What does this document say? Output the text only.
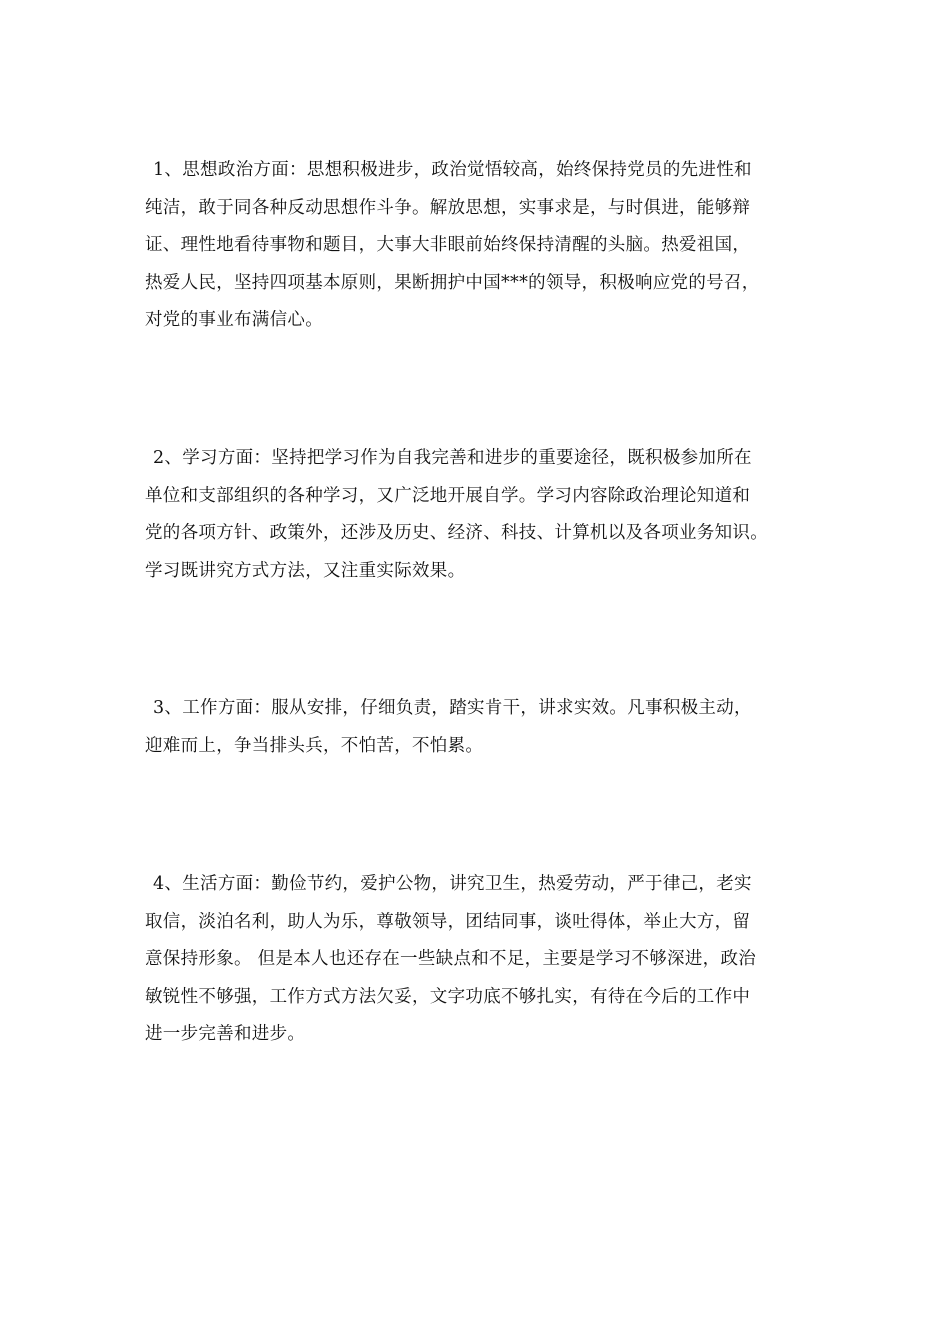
1、思想政治方面：思想积极进步，政治觉悟较高，始终保持党员的先进性和
纯洁，敢于同各种反动思想作斗争。解放思想，实事求是，与时俱进，能够辩
证、理性地看待事物和题目，大事大非眼前始终保持清醒的头脑。热爱祖国，
热爱人民，坚持四项基本原则，果断拥护中国***的领导，积极响应党的号召，
对党的事业布满信心。

2、学习方面：坚持把学习作为自我完善和进步的重要途径，既积极参加所在
单位和支部组织的各种学习，又广泛地开展自学。学习内容除政治理论知道和
党的各项方针、政策外，还涉及历史、经济、科技、计算机以及各项业务知识。
学习既讲究方式方法，又注重实际效果。

3、工作方面：服从安排，仔细负责，踏实肯干，讲求实效。凡事积极主动，
迎难而上，争当排头兵，不怕苦，不怕累。

4、生活方面：勤俭节约，爱护公物，讲究卫生，热爱劳动，严于律己，老实
取信，淡泊名利，助人为乐，尊敬领导，团结同事，谈吐得体，举止大方，留
意保持形象。 但是本人也还存在一些缺点和不足，主要是学习不够深进，政治
敏锐性不够强，工作方式方法欠妥，文字功底不够扎实，有待在今后的工作中
进一步完善和进步。
